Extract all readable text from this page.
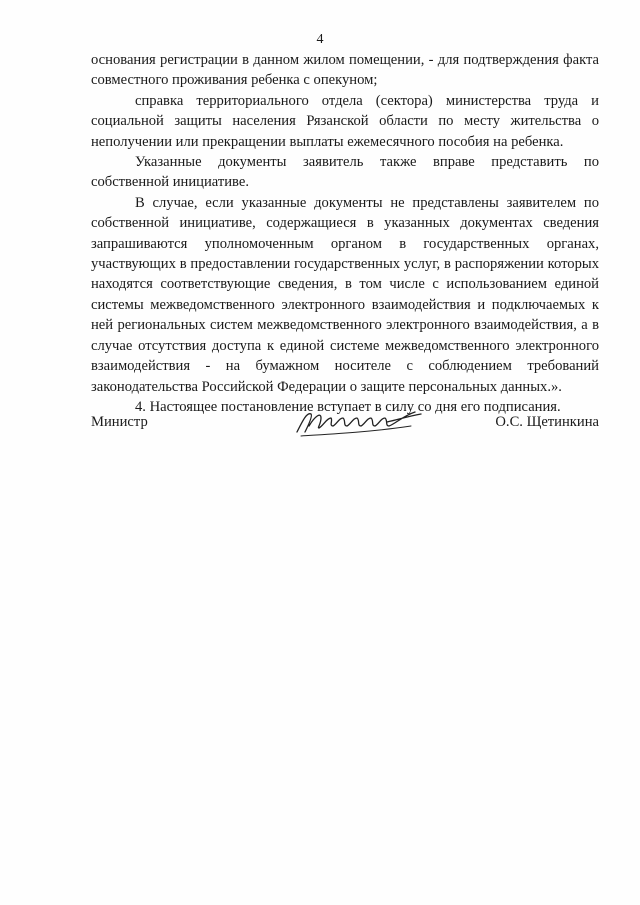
4

основания регистрации в данном жилом помещении, - для подтверждения факта совместного проживания ребенка с опекуном;

справка территориального отдела (сектора) министерства труда и социальной защиты населения Рязанской области по месту жительства о неполучении или прекращении выплаты ежемесячного пособия на ребенка.

Указанные документы заявитель также вправе представить по собственной инициативе.

В случае, если указанные документы не представлены заявителем по собственной инициативе, содержащиеся в указанных документах сведения запрашиваются уполномоченным органом в государственных органах, участвующих в предоставлении государственных услуг, в распоряжении которых находятся соответствующие сведения, в том числе с использованием единой системы межведомственного электронного взаимодействия и подключаемых к ней региональных систем межведомственного электронного взаимодействия, а в случае отсутствия доступа к единой системе межведомственного электронного взаимодействия - на бумажном носителе с соблюдением требований законодательства Российской Федерации о защите персональных данных.».

4. Настоящее постановление вступает в силу со дня его подписания.

Министр	О.С. Щетинкина
